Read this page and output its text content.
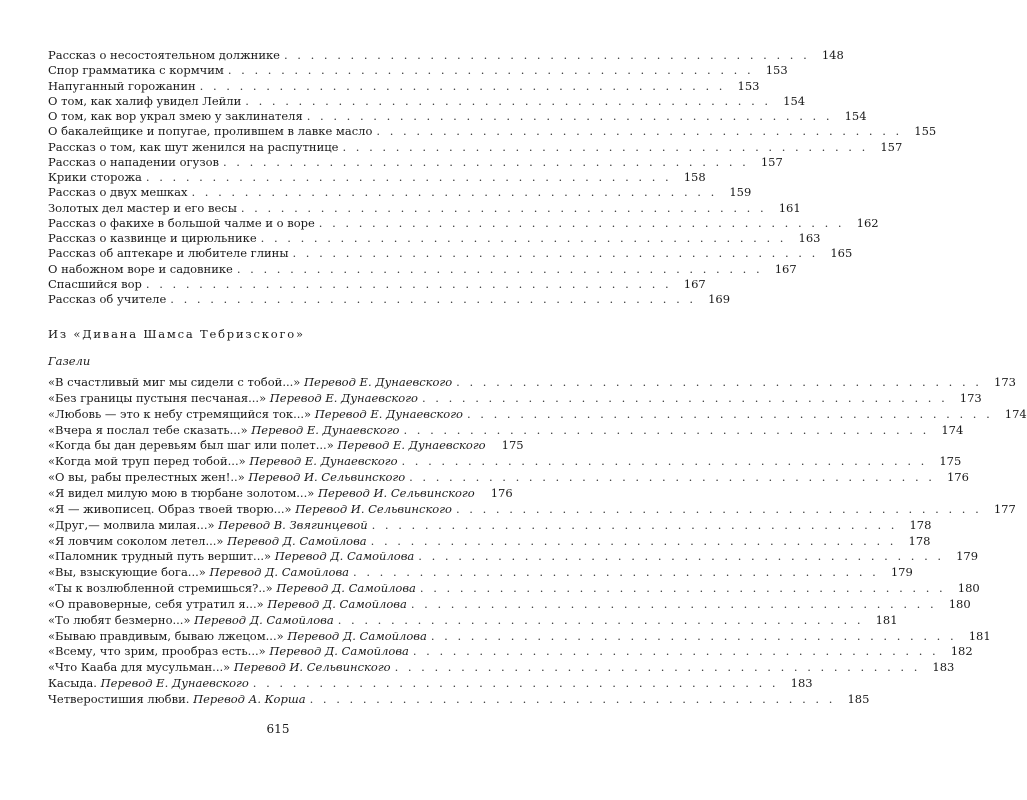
Рассказ о несостоятельном должнике . . . . . . . . . . . . . . . . . . . . . . . . . . . . . . . . . . . . . . . .	148
Спор грамматика с кормчим . . . . . . . . . . . . . . . . . . . . . . . . . . . . . . . . . . . . . . . .	153
Напуганный горожанин . . . . . . . . . . . . . . . . . . . . . . . . . . . . . . . . . . . . . . . .	153
О том, как халиф увидел Лейли . . . . . . . . . . . . . . . . . . . . . . . . . . . . . . . . . . . . . . . .	154
О том, как вор украл змею у заклинателя . . . . . . . . . . . . . . . . . . . . . . . . . . . . . . . . . . . . . . . .	154
О бакалейщике и попугае, пролившем в лавке масло . . . . . . . . . . . . . . . . . . . . . . . . . . . . . . . . . . . . . . . .	155
Рассказ о том, как шут женился на распутнице . . . . . . . . . . . . . . . . . . . . . . . . . . . . . . . . . . . . . . . .	157
Рассказ о нападении огузов . . . . . . . . . . . . . . . . . . . . . . . . . . . . . . . . . . . . . . . .	157
Крики сторожа . . . . . . . . . . . . . . . . . . . . . . . . . . . . . . . . . . . . . . . .	158
Рассказ о двух мешках . . . . . . . . . . . . . . . . . . . . . . . . . . . . . . . . . . . . . . . .	159
Золотых дел мастер и его весы . . . . . . . . . . . . . . . . . . . . . . . . . . . . . . . . . . . . . . . .	161
Рассказ о факихе в большой чалме и о воре . . . . . . . . . . . . . . . . . . . . . . . . . . . . . . . . . . . . . . . .	162
Рассказ о казвинце и цирюльнике . . . . . . . . . . . . . . . . . . . . . . . . . . . . . . . . . . . . . . . .	163
Рассказ об аптекаре и любителе глины . . . . . . . . . . . . . . . . . . . . . . . . . . . . . . . . . . . . . . . .	165
О набожном воре и садовнике . . . . . . . . . . . . . . . . . . . . . . . . . . . . . . . . . . . . . . . .	167
Спасшийся вор . . . . . . . . . . . . . . . . . . . . . . . . . . . . . . . . . . . . . . . .	167
Рассказ об учителе . . . . . . . . . . . . . . . . . . . . . . . . . . . . . . . . . . . . . . . .	169
Из «Дивана Шамса Тебризского»
Газели
«В счастливый миг мы сидели с тобой...» Перевод Е. Дунаевского . . . . . . . . . . . . . . . . . . . . . . . . . . . . . . . . . . . . . . . .	173
«Без границы пустыня песчаная...» Перевод Е. Дунаевского . . . . . . . . . . . . . . . . . . . . . . . . . . . . . . . . . . . . . . . .	173
«Любовь — это к небу стремящийся ток...» Перевод Е. Дунаевского . . . . . . . . . . . . . . . . . . . . . . . . . . . . . . . . . . . . . . . .	174
«Вчера я послал тебе сказать...» Перевод Е. Дунаевского . . . . . . . . . . . . . . . . . . . . . . . . . . . . . . . . . . . . . . . .	174
«Когда бы дан деревьям был шаг или полет...» Перевод Е. Дунаевского	175
«Когда мой труп перед тобой...» Перевод Е. Дунаевского . . . . . . . . . . . . . . . . . . . . . . . . . . . . . . . . . . . . . . . .	175
«О вы, рабы прелестных жен!..» Перевод И. Сельвинского . . . . . . . . . . . . . . . . . . . . . . . . . . . . . . . . . . . . . . . .	176
«Я видел милую мою в тюрбане золотом...» Перевод И. Сельвинского	176
«Я — живописец. Образ твоей творю...» Перевод И. Сельвинского . . . . . . . . . . . . . . . . . . . . . . . . . . . . . . . . . . . . . . . .	177
«Друг,— молвила милая...» Перевод В. Звягинцевой . . . . . . . . . . . . . . . . . . . . . . . . . . . . . . . . . . . . . . . .	178
«Я ловчим соколом летел...» Перевод Д. Самойлова . . . . . . . . . . . . . . . . . . . . . . . . . . . . . . . . . . . . . . . .	178
«Паломник трудный путь вершит...» Перевод Д. Самойлова . . . . . . . . . . . . . . . . . . . . . . . . . . . . . . . . . . . . . . . .	179
«Вы, взыскующие бога...» Перевод Д. Самойлова . . . . . . . . . . . . . . . . . . . . . . . . . . . . . . . . . . . . . . . .	179
«Ты к возлюбленной стремишься?..» Перевод Д. Самойлова . . . . . . . . . . . . . . . . . . . . . . . . . . . . . . . . . . . . . . . .	180
«О правоверные, себя утратил я...» Перевод Д. Самойлова . . . . . . . . . . . . . . . . . . . . . . . . . . . . . . . . . . . . . . . .	180
«То любят безмерно...» Перевод Д. Самойлова . . . . . . . . . . . . . . . . . . . . . . . . . . . . . . . . . . . . . . . .	181
«Бываю правдивым, бываю лжецом...» Перевод Д. Самойлова . . . . . . . . . . . . . . . . . . . . . . . . . . . . . . . . . . . . . . . .	181
«Всему, что зрим, прообраз есть...» Перевод Д. Самойлова . . . . . . . . . . . . . . . . . . . . . . . . . . . . . . . . . . . . . . . .	182
«Что Кааба для мусульман...» Перевод И. Сельвинского . . . . . . . . . . . . . . . . . . . . . . . . . . . . . . . . . . . . . . . .	183
Касыда. Перевод Е. Дунаевского . . . . . . . . . . . . . . . . . . . . . . . . . . . . . . . . . . . . . . . .	183
Четверостишия любви. Перевод А. Корша . . . . . . . . . . . . . . . . . . . . . . . . . . . . . . . . . . . . . . . .	185
615
